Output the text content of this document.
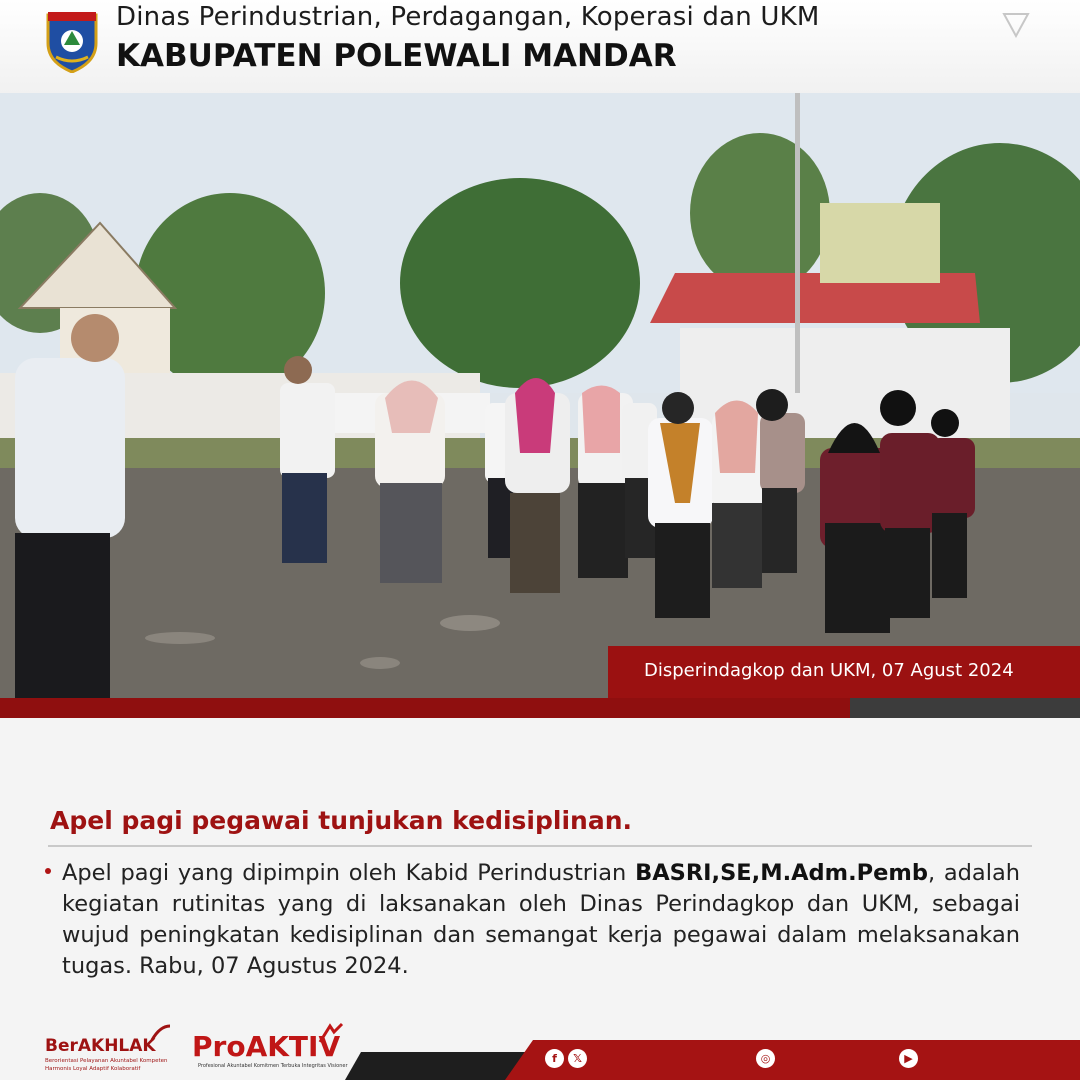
Dinas Perindustrian, Perdagangan, Koperasi dan UKM
KABUPATEN POLEWALI MANDAR
Disperindagkop dan UKM, 07 Agust 2024
Apel pagi pegawai tunjukan kedisiplinan.
Apel pagi yang dipimpin oleh Kabid Perindustrian BASRI,SE,M.Adm.Pemb, adalah kegiatan rutinitas yang di laksanakan oleh Dinas Perindagkop dan UKM, sebagai wujud peningkatan kedisiplinan dan semangat kerja pegawai dalam melaksanakan tugas. Rabu, 07 Agustus 2024.
f	𝕏	◎	▶
BerAKHLAK
Berorientasi Pelayanan Akuntabel Kompeten Harmonis Loyal Adaptif Kolaboratif
ProAKTIV
Profesional Akuntabel Komitmen Terbuka Integritas Visioner
